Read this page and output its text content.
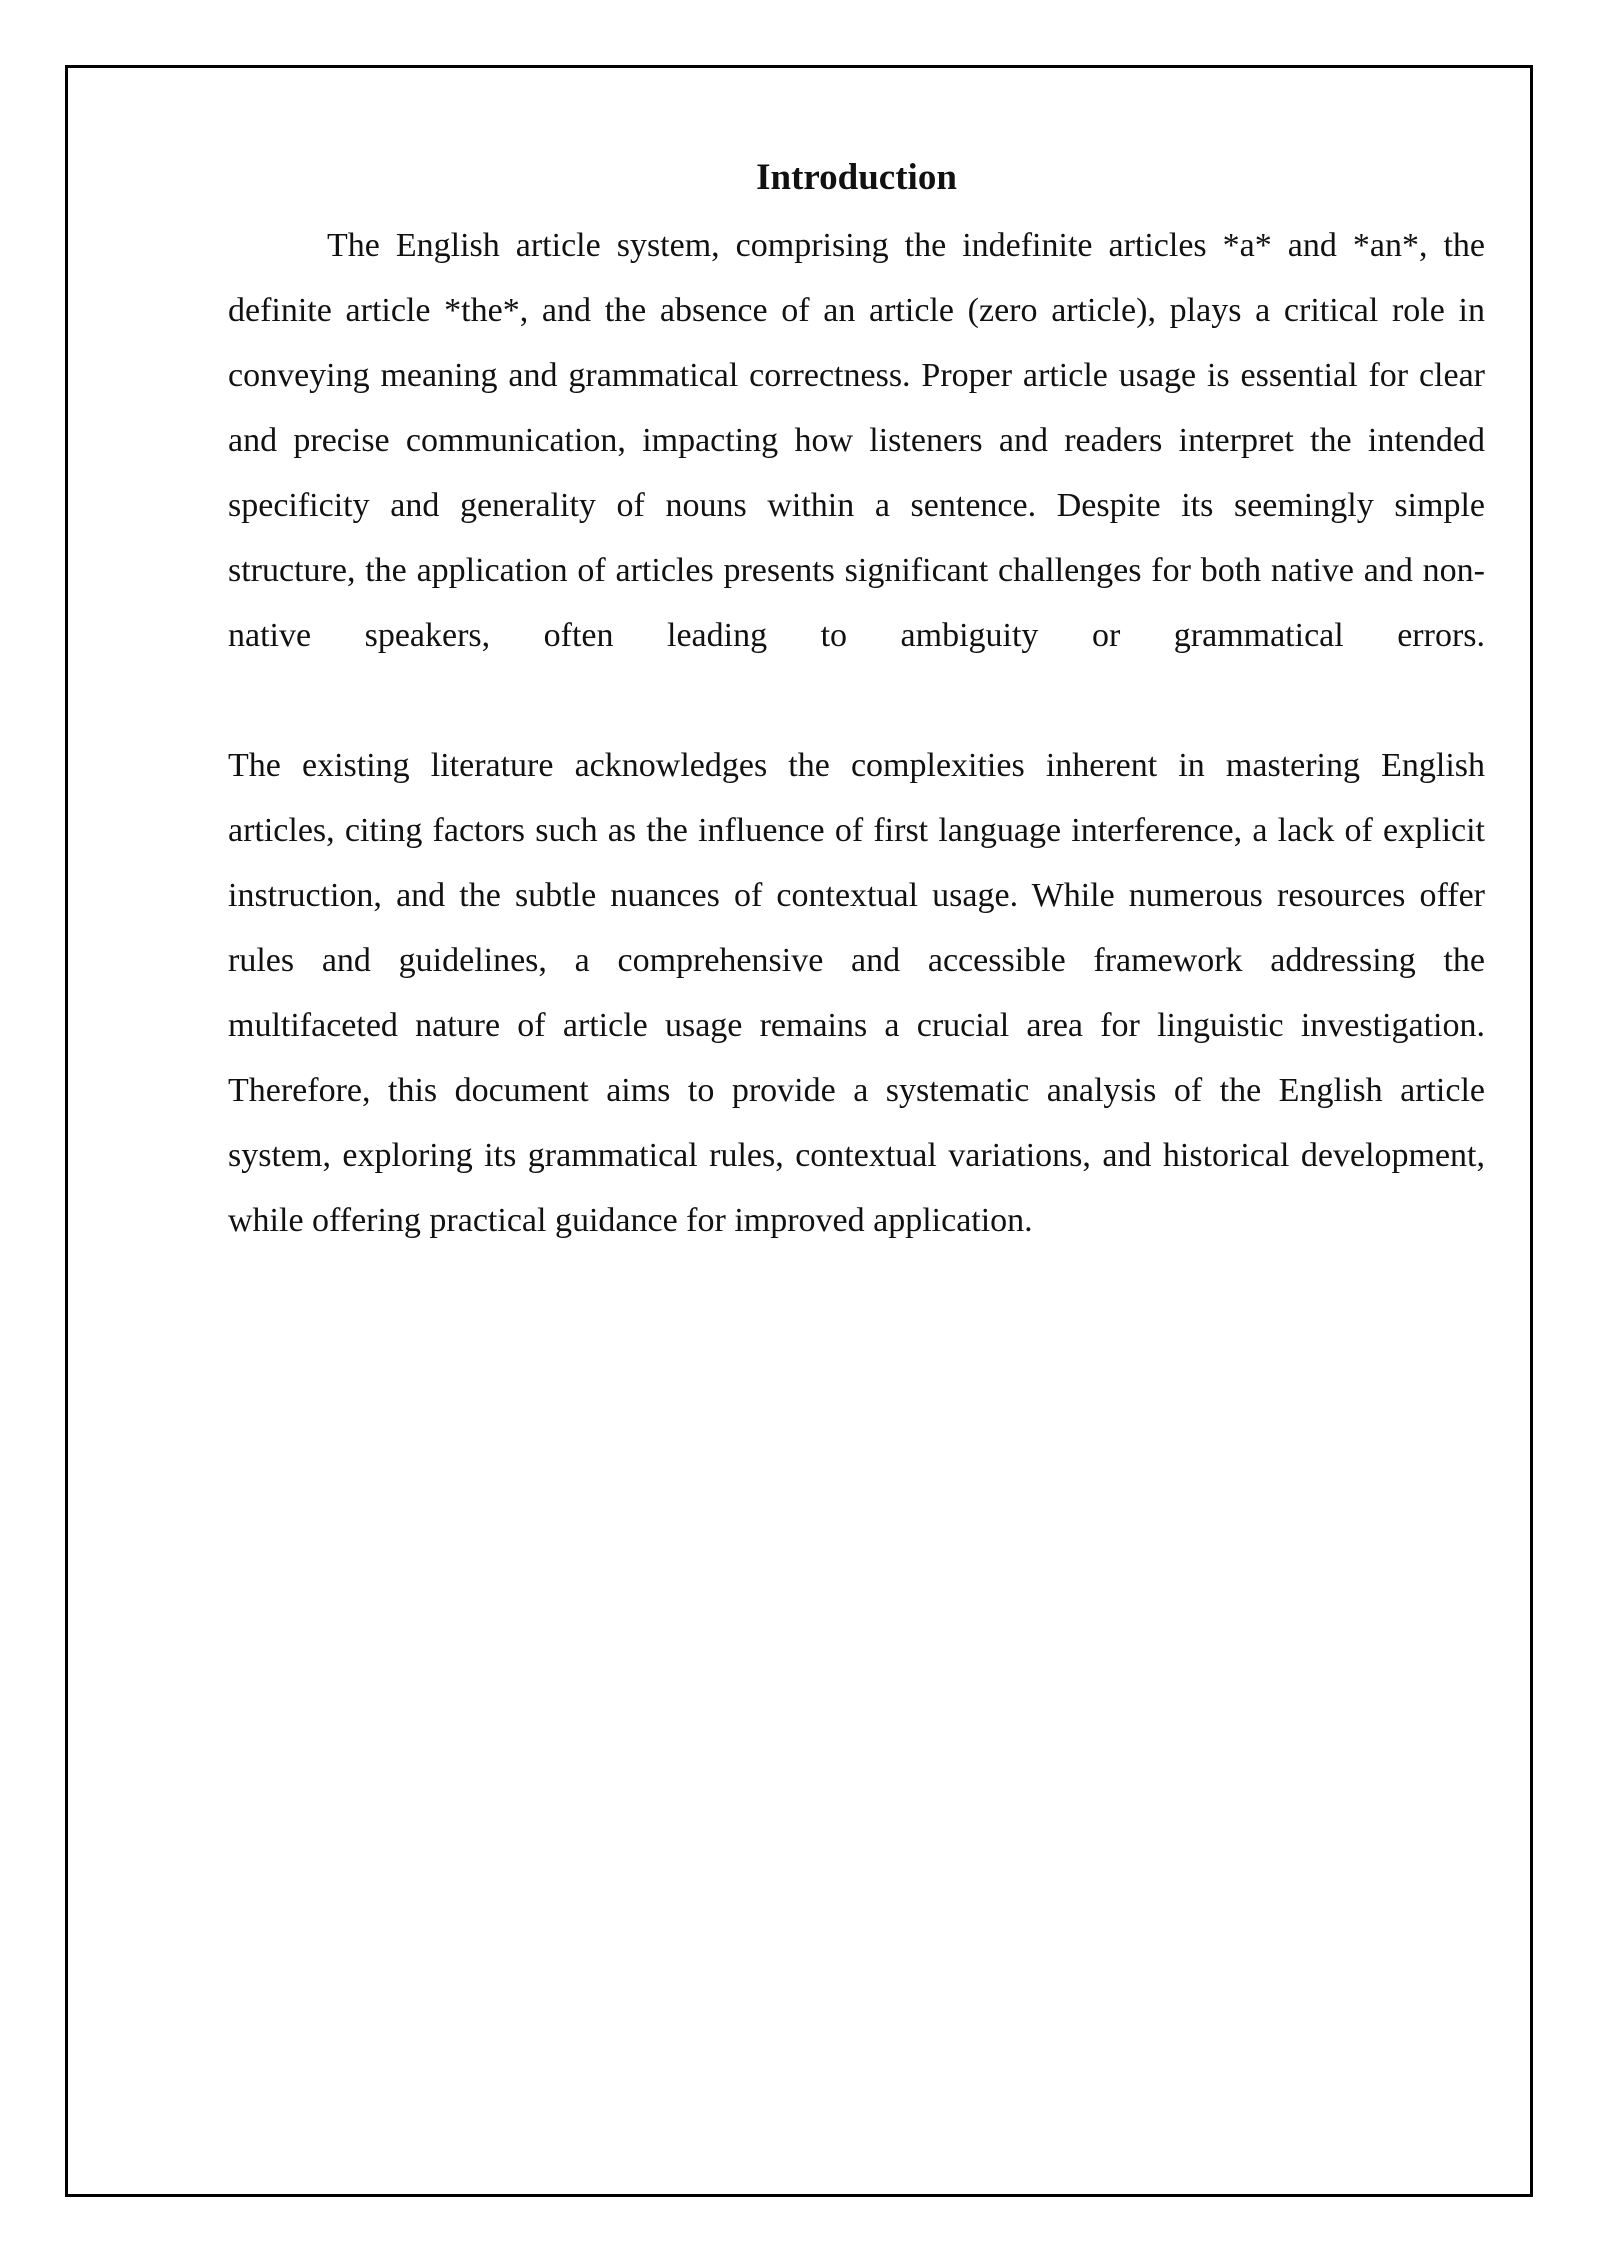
Introduction

The English article system, comprising the indefinite articles *a* and *an*, the definite article *the*, and the absence of an article (zero article), plays a critical role in conveying meaning and grammatical correctness. Proper article usage is essential for clear and precise communication, impacting how listeners and readers interpret the intended specificity and generality of nouns within a sentence. Despite its seemingly simple structure, the application of articles presents significant challenges for both native and non-native speakers, often leading to ambiguity or grammatical errors.

The existing literature acknowledges the complexities inherent in mastering English articles, citing factors such as the influence of first language interference, a lack of explicit instruction, and the subtle nuances of contextual usage. While numerous resources offer rules and guidelines, a comprehensive and accessible framework addressing the multifaceted nature of article usage remains a crucial area for linguistic investigation. Therefore, this document aims to provide a systematic analysis of the English article system, exploring its grammatical rules, contextual variations, and historical development, while offering practical guidance for improved application.
